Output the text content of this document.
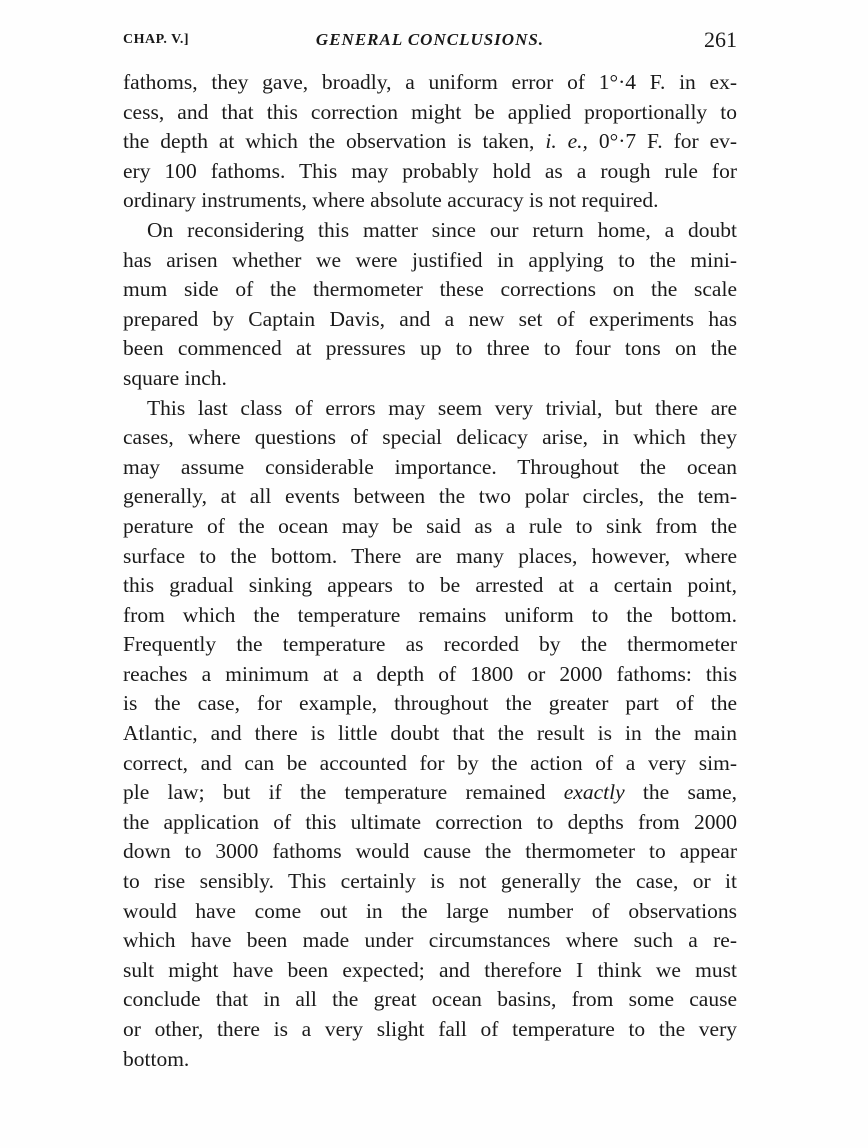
CHAP. V.]	GENERAL CONCLUSIONS.	261
fathoms, they gave, broadly, a uniform error of 1°·4 F. in ex-
cess, and that this correction might be applied proportionally to
the depth at which the observation is taken, i. e., 0°·7 F. for ev-
ery 100 fathoms. This may probably hold as a rough rule for
ordinary instruments, where absolute accuracy is not required.
On reconsidering this matter since our return home, a doubt
has arisen whether we were justified in applying to the mini-
mum side of the thermometer these corrections on the scale
prepared by Captain Davis, and a new set of experiments has
been commenced at pressures up to three to four tons on the
square inch.
This last class of errors may seem very trivial, but there are
cases, where questions of special delicacy arise, in which they
may assume considerable importance. Throughout the ocean
generally, at all events between the two polar circles, the tem-
perature of the ocean may be said as a rule to sink from the
surface to the bottom. There are many places, however, where
this gradual sinking appears to be arrested at a certain point,
from which the temperature remains uniform to the bottom.
Frequently the temperature as recorded by the thermometer
reaches a minimum at a depth of 1800 or 2000 fathoms: this
is the case, for example, throughout the greater part of the
Atlantic, and there is little doubt that the result is in the main
correct, and can be accounted for by the action of a very sim-
ple law; but if the temperature remained exactly the same,
the application of this ultimate correction to depths from 2000
down to 3000 fathoms would cause the thermometer to appear
to rise sensibly. This certainly is not generally the case, or it
would have come out in the large number of observations
which have been made under circumstances where such a re-
sult might have been expected; and therefore I think we must
conclude that in all the great ocean basins, from some cause
or other, there is a very slight fall of temperature to the very
bottom.
